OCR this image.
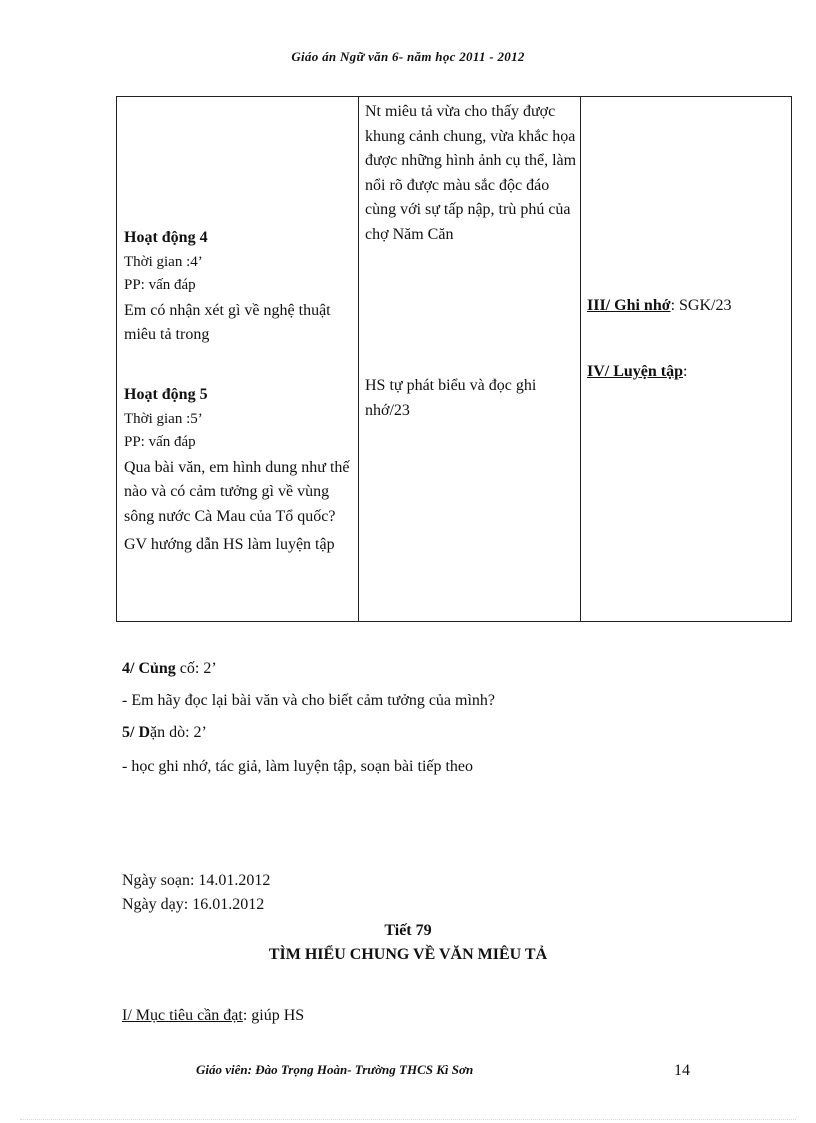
Giáo án Ngữ văn 6- năm học 2011 - 2012
Hoạt động 4
Thời gian :4’
PP: vấn đáp
Em có nhận xét gì về nghệ thuật miêu tả trong
Hoạt động 5
Thời gian :5’
PP: vấn đáp
Qua bài văn, em hình dung như thế nào và có cảm tưởng gì về vùng sông nước Cà Mau của Tổ quốc?
GV hướng dẫn HS làm luyện tập

Nt miêu tả vừa cho thấy được khung cảnh chung, vừa khắc họa được những hình ảnh cụ thể, làm nổi rõ được màu sắc độc đáo cùng với sự tấp nập, trù phú của chợ Năm Căn
HS tự phát biểu và đọc ghi nhớ/23

III/ Ghi nhớ: SGK/23
IV/ Luyện tập:
4/ Củng cố: 2’
- Em hãy đọc lại bài văn và cho biết cảm tưởng của mình?
5/ Dặn dò: 2’
- học ghi nhớ, tác giả, làm luyện tập, soạn bài tiếp theo
Ngày soạn: 14.01.2012
Ngày dạy: 16.01.2012
Tiết 79
TÌM HIỂU CHUNG VỀ VĂN MIÊU TẢ
I/ Mục tiêu cần đạt: giúp HS
Giáo viên: Đào Trọng Hoàn- Trường THCS Kì Sơn	14
